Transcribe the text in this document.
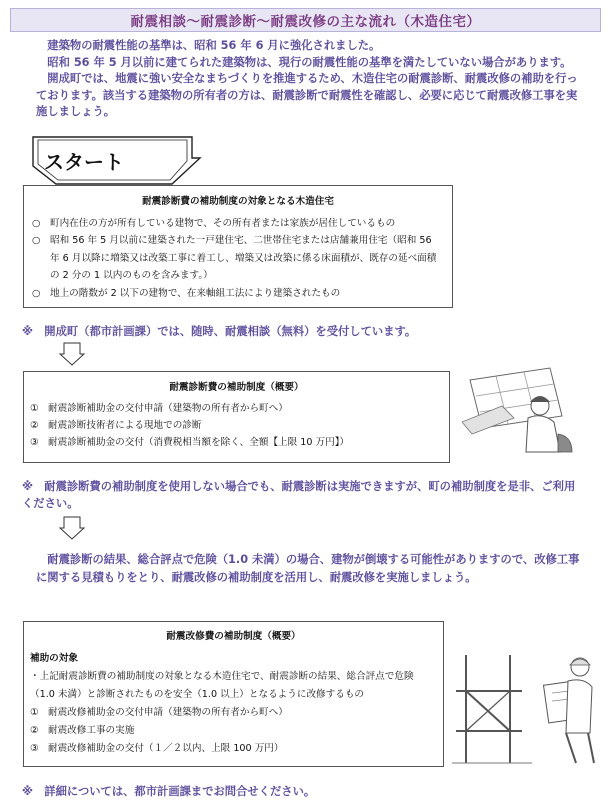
耐震相談～耐震診断～耐震改修の主な流れ（木造住宅）

　建築物の耐震性能の基準は、昭和 56 年 6 月に強化されました。

　昭和 56 年 5 月以前に建てられた建築物は、現行の耐震性能の基準を満たしていない場合があります。

　開成町では、地震に強い安全なまちづくりを推進するため、木造住宅の耐震診断、耐震改修の補助を行っております。該当する建築物の所有者の方は、耐震診断で耐震性を確認し、必要に応じて耐震改修工事を実施しましょう。

スタート
耐震診断費の補助制度の対象となる木造住宅
○	町内在住の方が所有している建物で、その所有者または家族が居住しているもの
○	昭和 56 年 5 月以前に建築された一戸建住宅、二世帯住宅または店舗兼用住宅（昭和 56 年 6 月以降に増築又は改築工事に着工し、増築又は改築に係る床面積が、既存の延べ面積の 2 分の 1 以内のものを含みます。）
○	地上の階数が 2 以下の建物で、在来軸組工法により建築されたもの
※　開成町（都市計画課）では、随時、耐震相談（無料）を受付しています。
耐震診断費の補助制度（概要）
① 耐震診断補助金の交付申請（建築物の所有者から町へ）
② 耐震診断技術者による現地での診断
③ 耐震診断補助金の交付（消費税相当額を除く、全額【上限 10 万円】）
※　耐震診断費の補助制度を使用しない場合でも、耐震診断は実施できますが、町の補助制度を是非、ご利用ください。
　耐震診断の結果、総合評点で危険（1.0 未満）の場合、建物が倒壊する可能性がありますので、改修工事に関する見積もりをとり、耐震改修の補助制度を活用し、耐震改修を実施しましょう。
耐震改修費の補助制度（概要）
補助の対象
・上記耐震診断費の補助制度の対象となる木造住宅で、耐震診断の結果、総合評点で危険（1.0 未満）と診断されたものを安全（1.0 以上）となるように改修するもの
① 耐震改修補助金の交付申請（建築物の所有者から町へ）
② 耐震改修工事の実施
③ 耐震改修補助金の交付（１／２以内、上限 100 万円）
※　詳細については、都市計画課までお問合せください。
